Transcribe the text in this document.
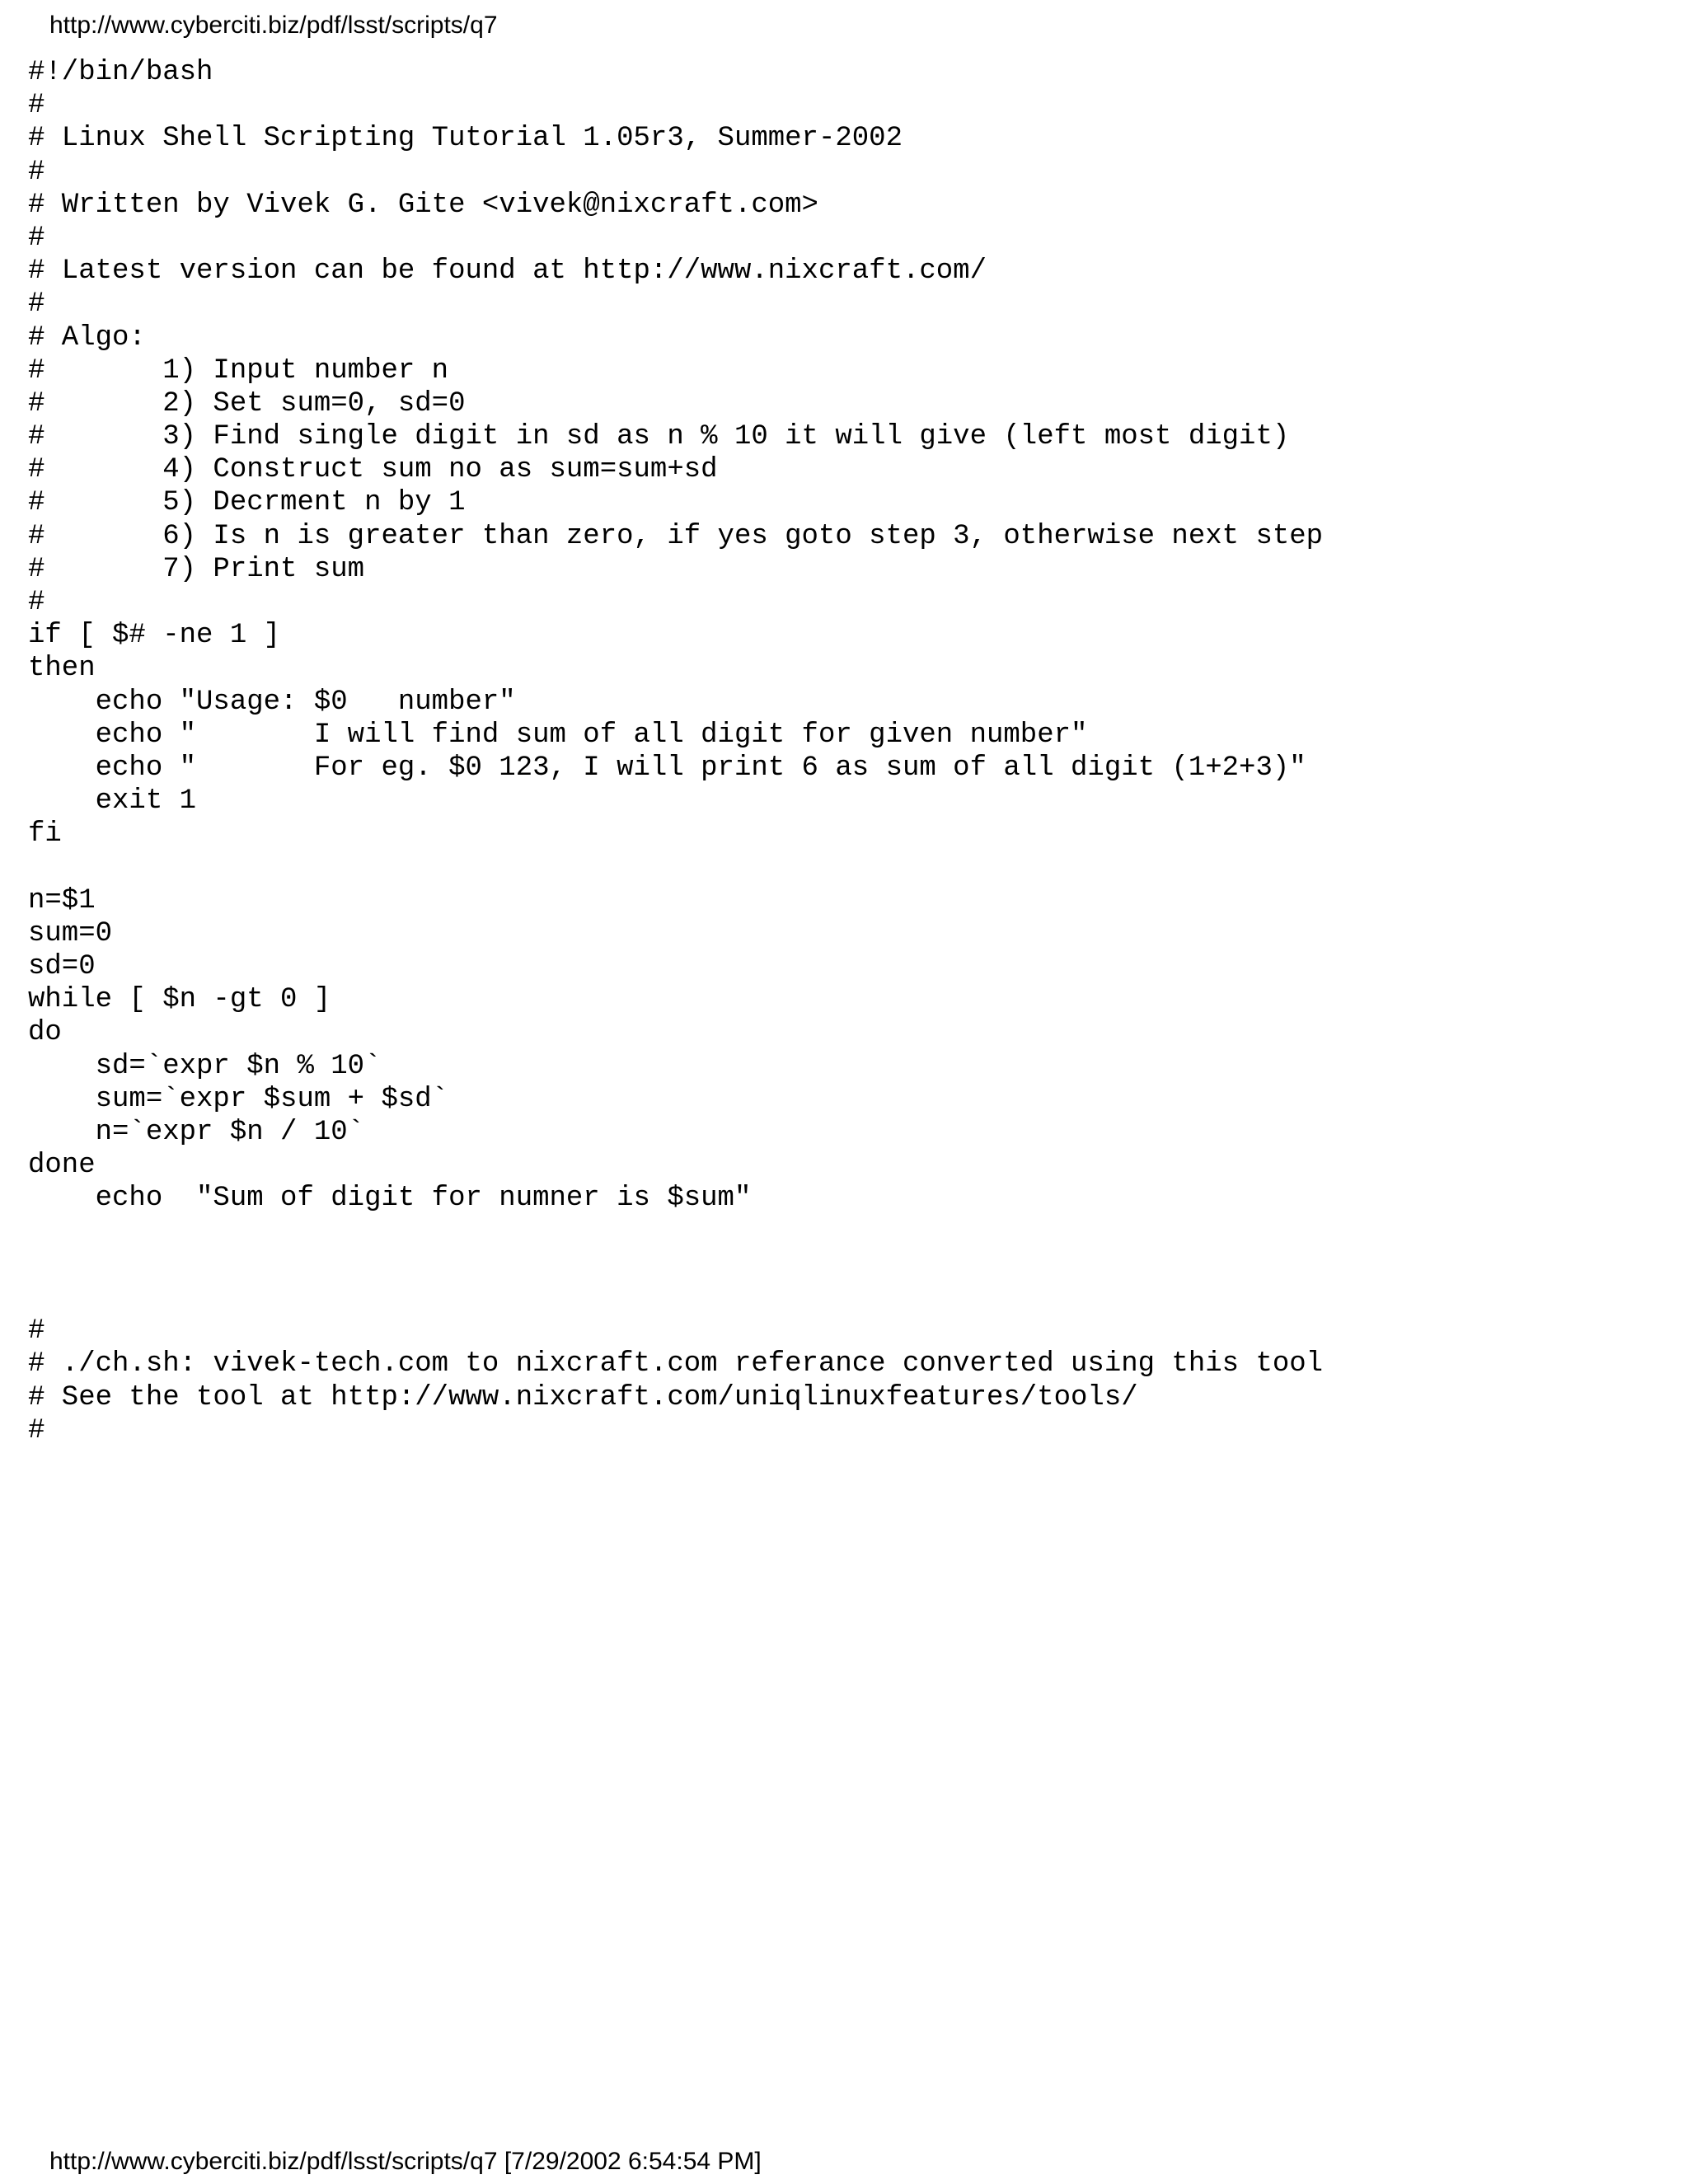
http://www.cyberciti.biz/pdf/lsst/scripts/q7
#!/bin/bash
#
# Linux Shell Scripting Tutorial 1.05r3, Summer-2002
#
# Written by Vivek G. Gite <vivek@nixcraft.com>
#
# Latest version can be found at http://www.nixcraft.com/
#
# Algo:
#       1) Input number n
#       2) Set sum=0, sd=0
#       3) Find single digit in sd as n % 10 it will give (left most digit)
#       4) Construct sum no as sum=sum+sd
#       5) Decrment n by 1
#       6) Is n is greater than zero, if yes goto step 3, otherwise next step
#       7) Print sum
#
if [ $# -ne 1 ]
then
echo "Usage: $0   number"
echo "       I will find sum of all digit for given number"
echo "       For eg. $0 123, I will print 6 as sum of all digit (1+2+3)"
exit 1
fi
n=$1
sum=0
sd=0
while [ $n -gt 0 ]
do
sd=`expr $n % 10`
sum=`expr $sum + $sd`
n=`expr $n / 10`
done
echo  "Sum of digit for numner is $sum"
#
# ./ch.sh: vivek-tech.com to nixcraft.com referance converted using this tool
# See the tool at http://www.nixcraft.com/uniqlinuxfeatures/tools/
#
http://www.cyberciti.biz/pdf/lsst/scripts/q7 [7/29/2002 6:54:54 PM]
